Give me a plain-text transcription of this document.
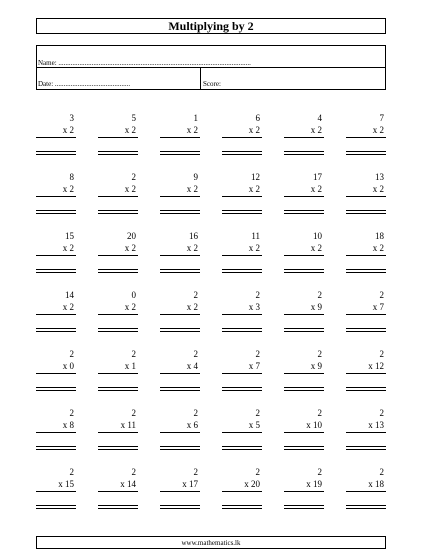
Multiplying by 2
Name: ..............................................................................................................
Date: ...........................................	Score:
3
x 2
5
x 2
1
x 2
6
x 2
4
x 2
7
x 2
8
x 2
2
x 2
9
x 2
12
x 2
17
x 2
13
x 2
15
x 2
20
x 2
16
x 2
11
x 2
10
x 2
18
x 2
14
x 2
0
x 2
2
x 2
2
x 3
2
x 9
2
x 7
2
x 0
2
x 1
2
x 4
2
x 7
2
x 9
2
x 12
2
x 8
2
x 11
2
x 6
2
x 5
2
x 10
2
x 13
2
x 15
2
x 14
2
x 17
2
x 20
2
x 19
2
x 18
www.mathematics.lk
